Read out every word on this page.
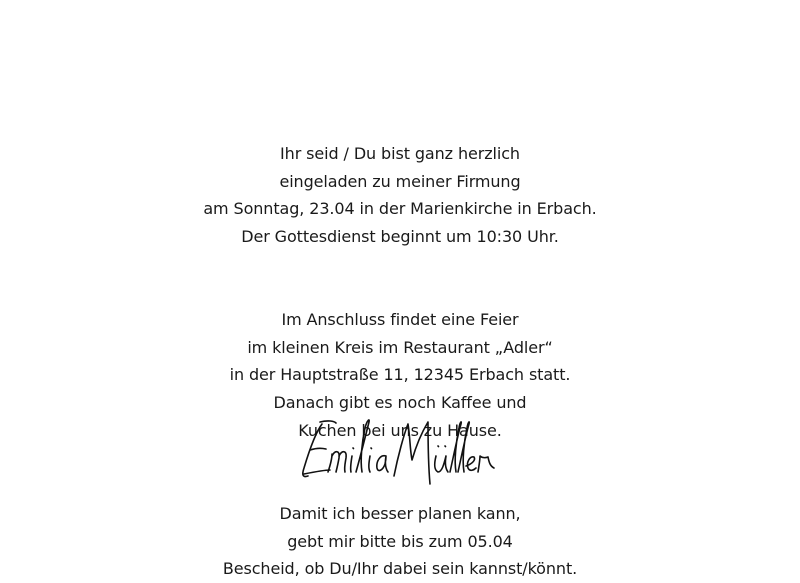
Ihr seid / Du bist ganz herzlich
eingeladen zu meiner Firmung
am Sonntag, 23.04 in der Marienkirche in Erbach.
Der Gottesdienst beginnt um 10:30 Uhr.
Im Anschluss findet eine Feier
im kleinen Kreis im Restaurant „Adler“
in der Hauptstraße 11, 12345 Erbach statt.
Danach gibt es noch Kaffee und
Kuchen bei uns zu Hause.
Damit ich besser planen kann,
gebt mir bitte bis zum 05.04
Bescheid, ob Du/Ihr dabei sein kannst/könnt.
